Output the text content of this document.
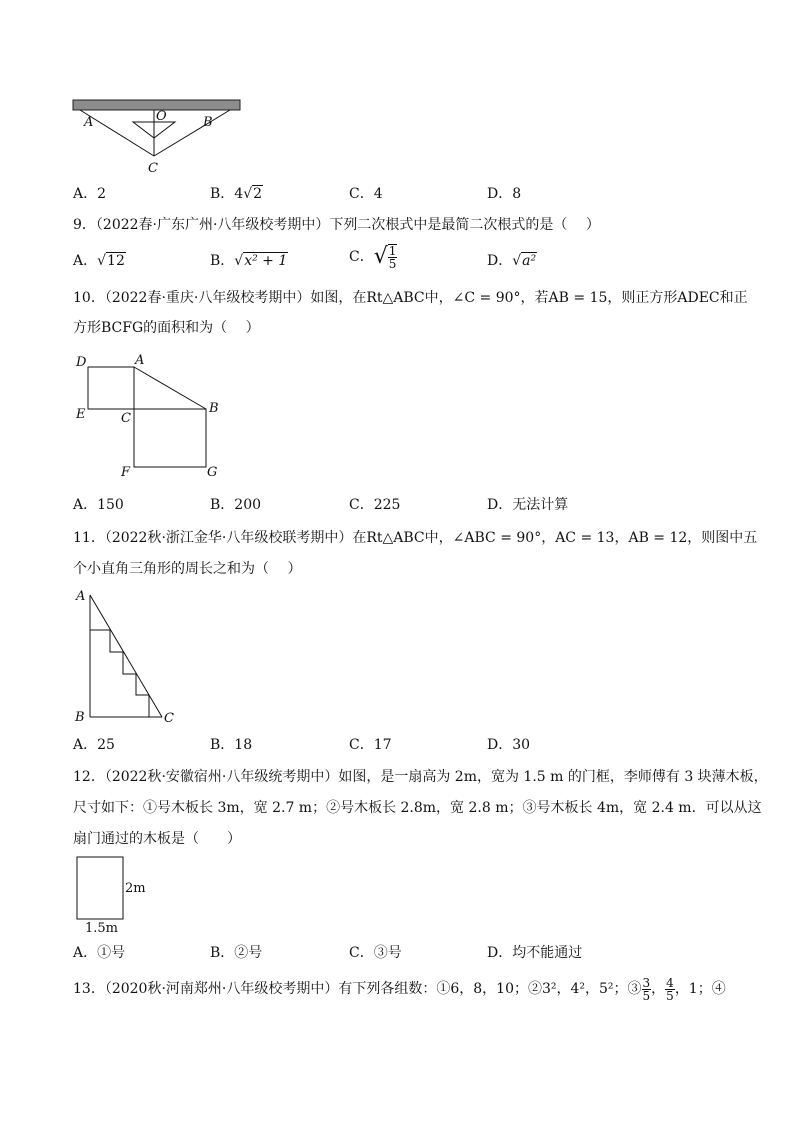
A	B
O
C
A．2	B．4√2	C．4	D．8
9．（2022春·广东广州·八年级校考期中）下列二次根式中是最简二次根式的是（　 ）
A．√12	B．√x² + 1	C．√ $\frac{1}{5}$	D．√a²
10．（2022春·重庆·八年级校考期中）如图，在Rt△ABC中，∠C = 90°，若AB = 15，则正方形ADEC和正
方形BCFG的面积和为（　 ）
D	A
E	C
B
F	G
A．150	B．200	C．225	D．无法计算
11．（2022秋·浙江金华·八年级校联考期中）在Rt△ABC中，∠ABC = 90°，AC = 13，AB = 12，则图中五
个小直角三角形的周长之和为（　 ）
A
B	C
A．25	B．18	C．17	D．30
12．（2022秋·安徽宿州·八年级统考期中）如图，是一扇高为 2m，宽为 1.5 m 的门框，李师傅有 3 块薄木板，
尺寸如下：①号木板长 3m，宽 2.7 m；②号木板长 2.8m，宽 2.8 m；③号木板长 4m，宽 2.4 m．可以从这
扇门通过的木板是（　　）
2m
1.5m
A．①号	B．②号	C．③号	D．均不能通过
13．（2020秋·河南郑州·八年级校考期中）有下列各组数：①6，8，10；②3²，4²，5²；③ $\frac{3}{5}$ ， $\frac{4}{5}$ ，1；④
